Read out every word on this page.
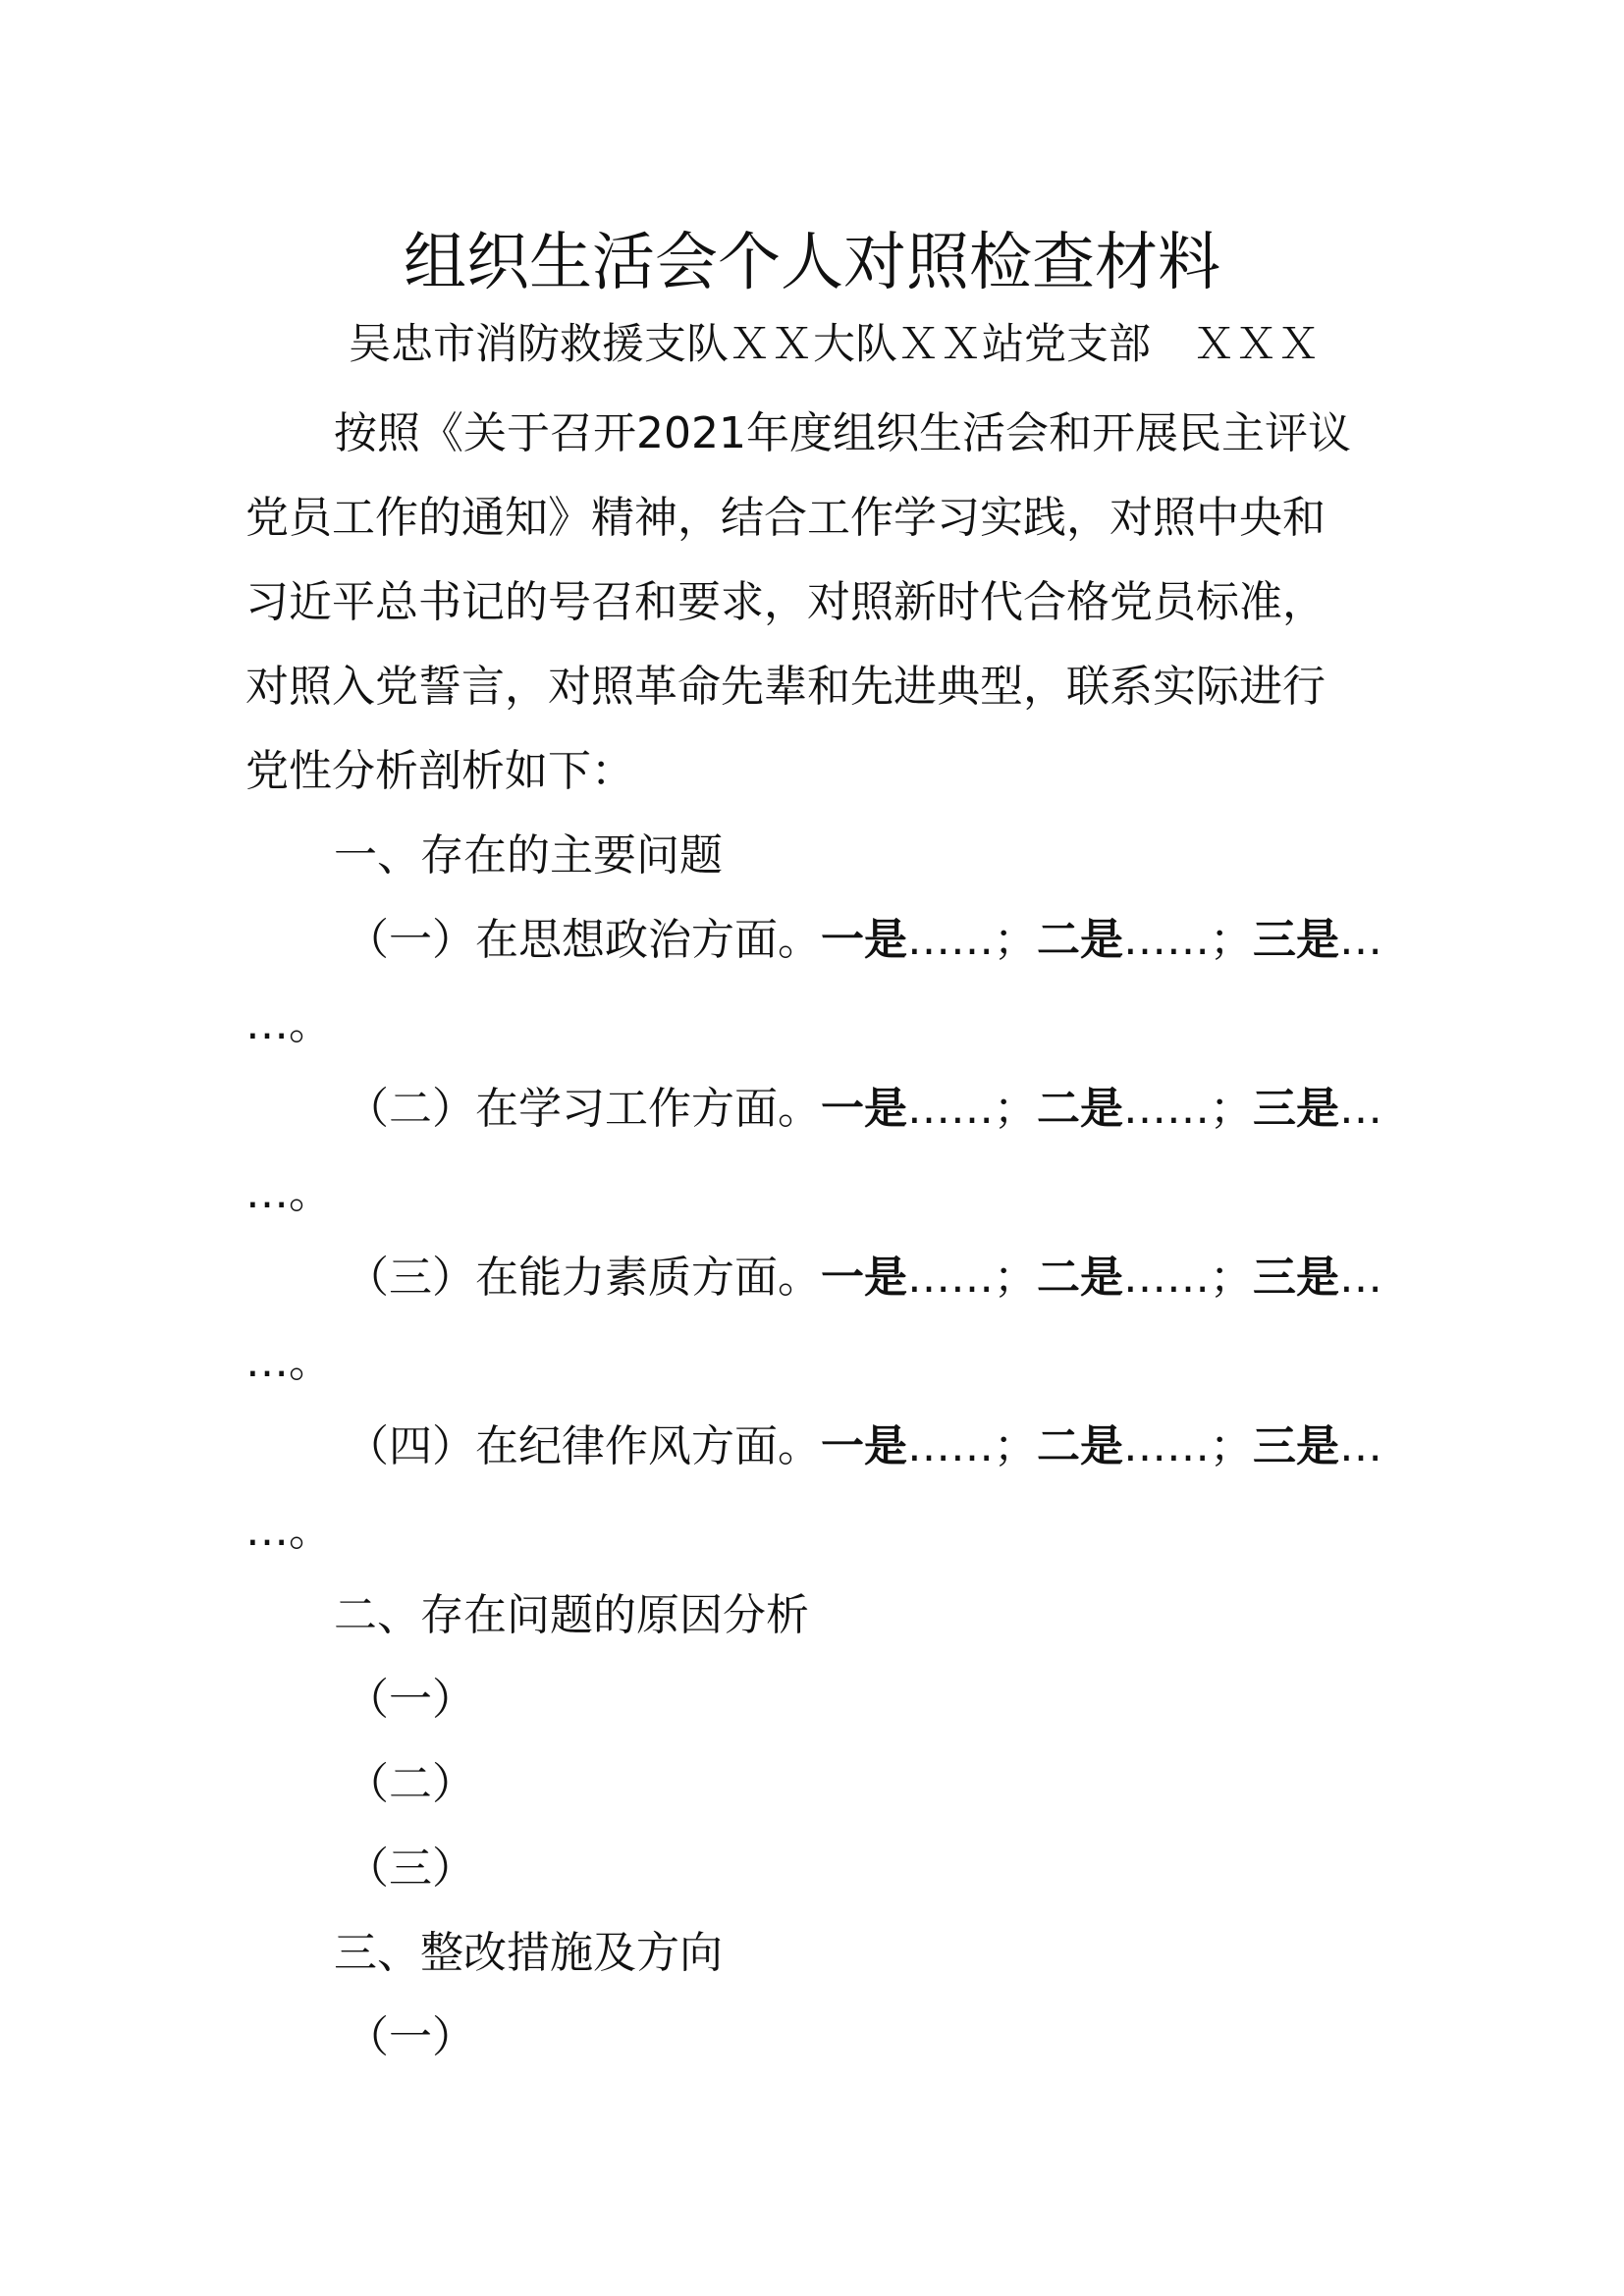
组织生活会个人对照检查材料
吴忠市消防救援支队ＸＸ大队ＸＸ站党支部　ＸＸＸ
按照《关于召开2021年度组织生活会和开展民主评议
党员工作的通知》精神，结合工作学习实践，对照中央和
习近平总书记的号召和要求，对照新时代合格党员标准，
对照入党誓言，对照革命先辈和先进典型，联系实际进行
党性分析剖析如下：
一、存在的主要问题
（一）在思想政治方面。一是……；二是……；三是…
…。
（二）在学习工作方面。一是……；二是……；三是…
…。
（三）在能力素质方面。一是……；二是……；三是…
…。
（四）在纪律作风方面。一是……；二是……；三是…
…。
二、存在问题的原因分析
（一）
（二）
（三）
三、整改措施及方向
（一）
